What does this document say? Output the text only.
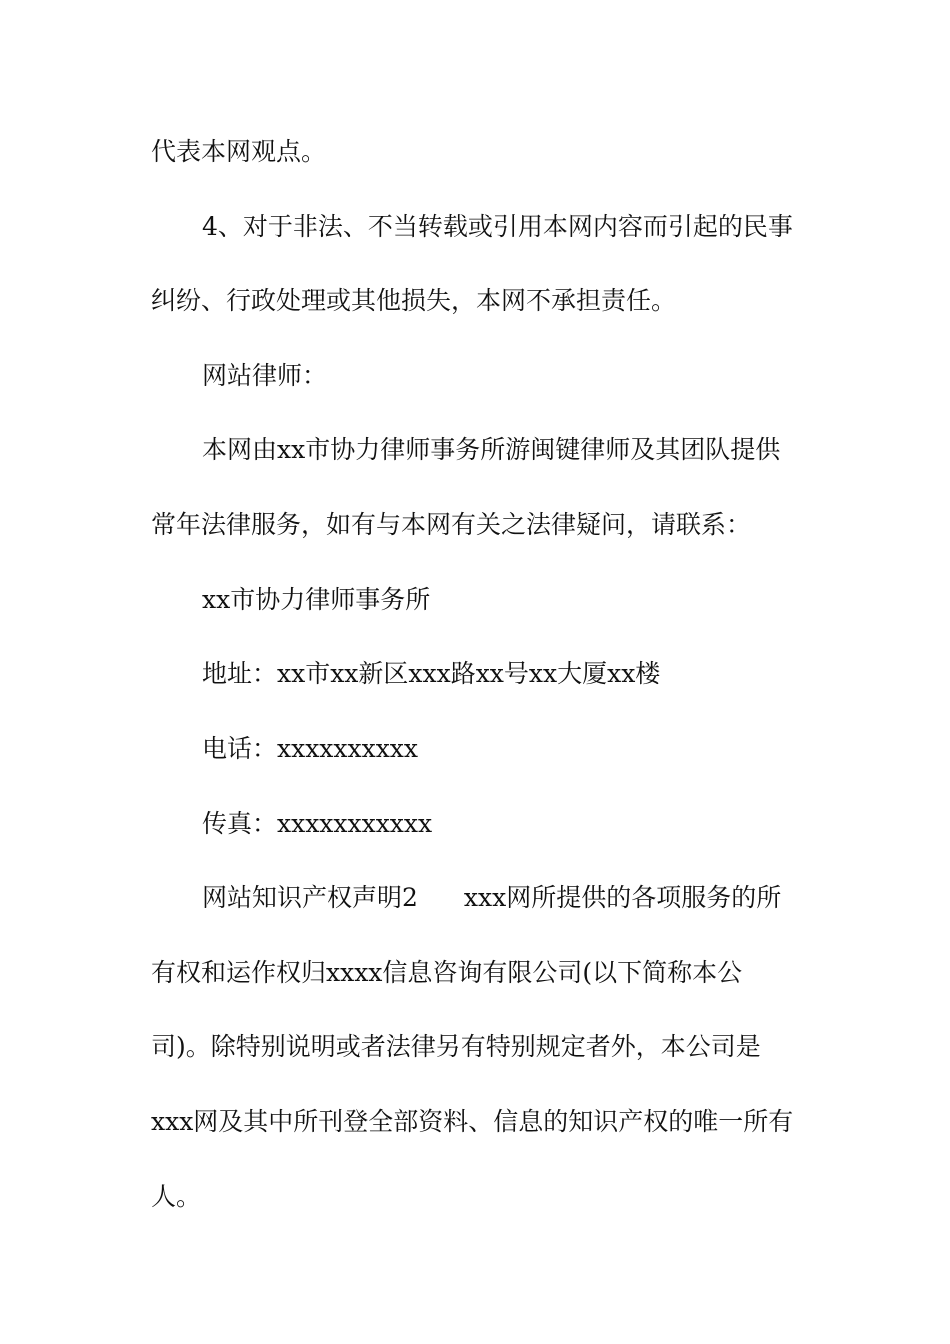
代表本网观点。
4、对于非法、不当转载或引用本网内容而引起的民事
纠纷、行政处理或其他损失，本网不承担责任。
网站律师：
本网由xx市协力律师事务所游闽键律师及其团队提供
常年法律服务，如有与本网有关之法律疑问，请联系：
xx市协力律师事务所
地址：xx市xx新区xxx路xx号xx大厦xx楼
电话：xxxxxxxxxx
传真：xxxxxxxxxxx
网站知识产权声明2 xxx网所提供的各项服务的所
有权和运作权归xxxx信息咨询有限公司(以下简称本公
司)。除特别说明或者法律另有特别规定者外，本公司是
xxx网及其中所刊登全部资料、信息的知识产权的唯一所有
人。
